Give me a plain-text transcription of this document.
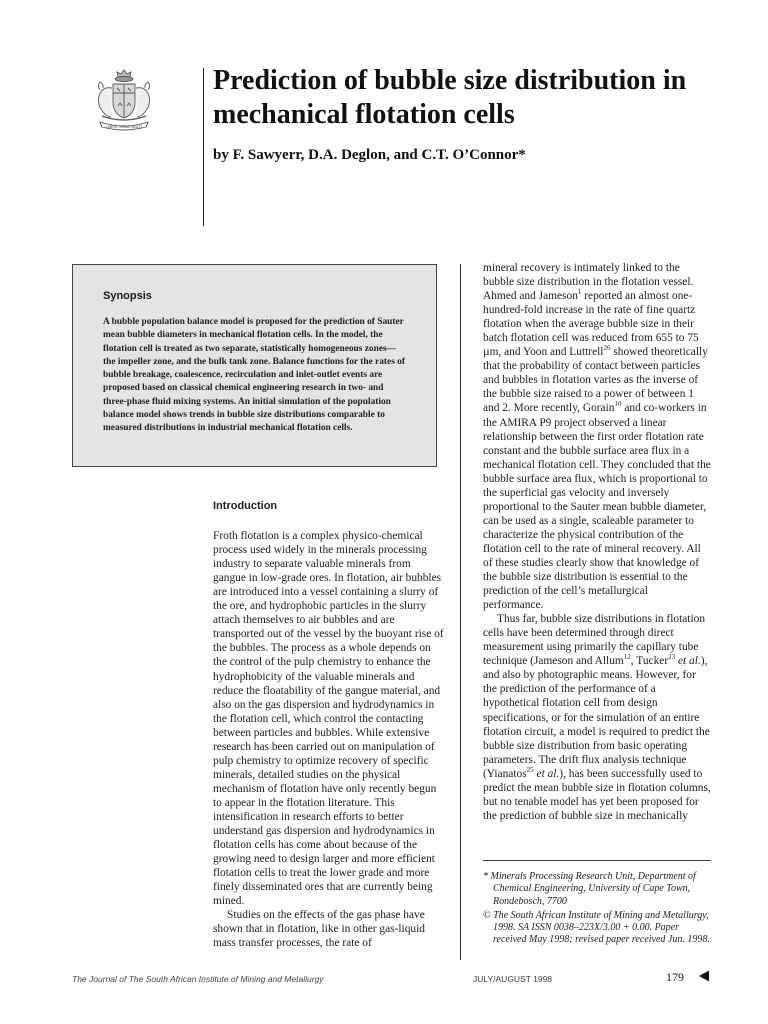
LABOR OMNIA VINCIT
Prediction of bubble size distribution in mechanical flotation cells

by F. Sawyerr, D.A. Deglon, and C.T. O’Connor*

Synopsis

A bubble population balance model is proposed for the prediction of Sauter mean bubble diameters in mechanical flotation cells. In the model, the flotation cell is treated as two separate, statistically homogeneous zones—the impeller zone, and the bulk tank zone. Balance functions for the rates of bubble breakage, coalescence, recirculation and inlet-outlet events are proposed based on classical chemical engineering research in two- and three-phase fluid mixing systems. An initial simulation of the population balance model shows trends in bubble size distributions comparable to measured distributions in industrial mechanical flotation cells.

Introduction

Froth flotation is a complex physico-chemical process used widely in the minerals processing industry to separate valuable minerals from gangue in low-grade ores. In flotation, air bubbles are introduced into a vessel containing a slurry of the ore, and hydrophobic particles in the slurry attach themselves to air bubbles and are transported out of the vessel by the buoyant rise of the bubbles. The process as a whole depends on the control of the pulp chemistry to enhance the hydrophobicity of the valuable minerals and reduce the floatability of the gangue material, and also on the gas dispersion and hydrodynamics in the flotation cell, which control the contacting between particles and bubbles. While extensive research has been carried out on manipulation of pulp chemistry to optimize recovery of specific minerals, detailed studies on the physical mechanism of flotation have only recently begun to appear in the flotation literature. This intensification in research efforts to better understand gas dispersion and hydrodynamics in flotation cells has come about because of the growing need to design larger and more efficient flotation cells to treat the lower grade and more finely disseminated ores that are currently being mined.

Studies on the effects of the gas phase have shown that in flotation, like in other gas-liquid mass transfer processes, the rate of

mineral recovery is intimately linked to the bubble size distribution in the flotation vessel. Ahmed and Jameson$^1$ reported an almost one-hundred-fold increase in the rate of fine quartz flotation when the average bubble size in their batch flotation cell was reduced from 655 to 75 µm, and Yoon and Luttrell$^{26}$ showed theoretically that the probability of contact between particles and bubbles in flotation varies as the inverse of the bubble size raised to a power of between 1 and 2. More recently, Gorain$^{10}$ and co-workers in the AMIRA P9 project observed a linear relationship between the first order flotation rate constant and the bubble surface area flux in a mechanical flotation cell. They concluded that the bubble surface area flux, which is proportional to the superficial gas velocity and inversely proportional to the Sauter mean bubble diameter, can be used as a single, scaleable parameter to characterize the physical contribution of the flotation cell to the rate of mineral recovery. All of these studies clearly show that knowledge of the bubble size distribution is essential to the prediction of the cell’s metallurgical performance.

Thus far, bubble size distributions in flotation cells have been determined through direct measurement using primarily the capillary tube technique (Jameson and Allum$^{12}$, Tucker$^{23}$ et al.), and also by photographic means. However, for the prediction of the performance of a hypothetical flotation cell from design specifications, or for the simulation of an entire flotation circuit, a model is required to predict the bubble size distribution from basic operating parameters. The drift flux analysis technique (Yianatos$^{25}$ et al.), has been successfully used to predict the mean bubble size in flotation columns, but no tenable model has yet been proposed for the prediction of bubble size in mechanically

* Minerals Processing Research Unit, Department of Chemical Engineering, University of Cape Town, Rondebosch, 7700

© The South African Institute of Mining and Metallurgy, 1998. SA ISSN 0038–223X/3.00 + 0.00. Paper received May 1998; revised paper received Jun. 1998.

The Journal of The South African Institute of Mining and Metallurgy	JULY/AUGUST 1998	179
